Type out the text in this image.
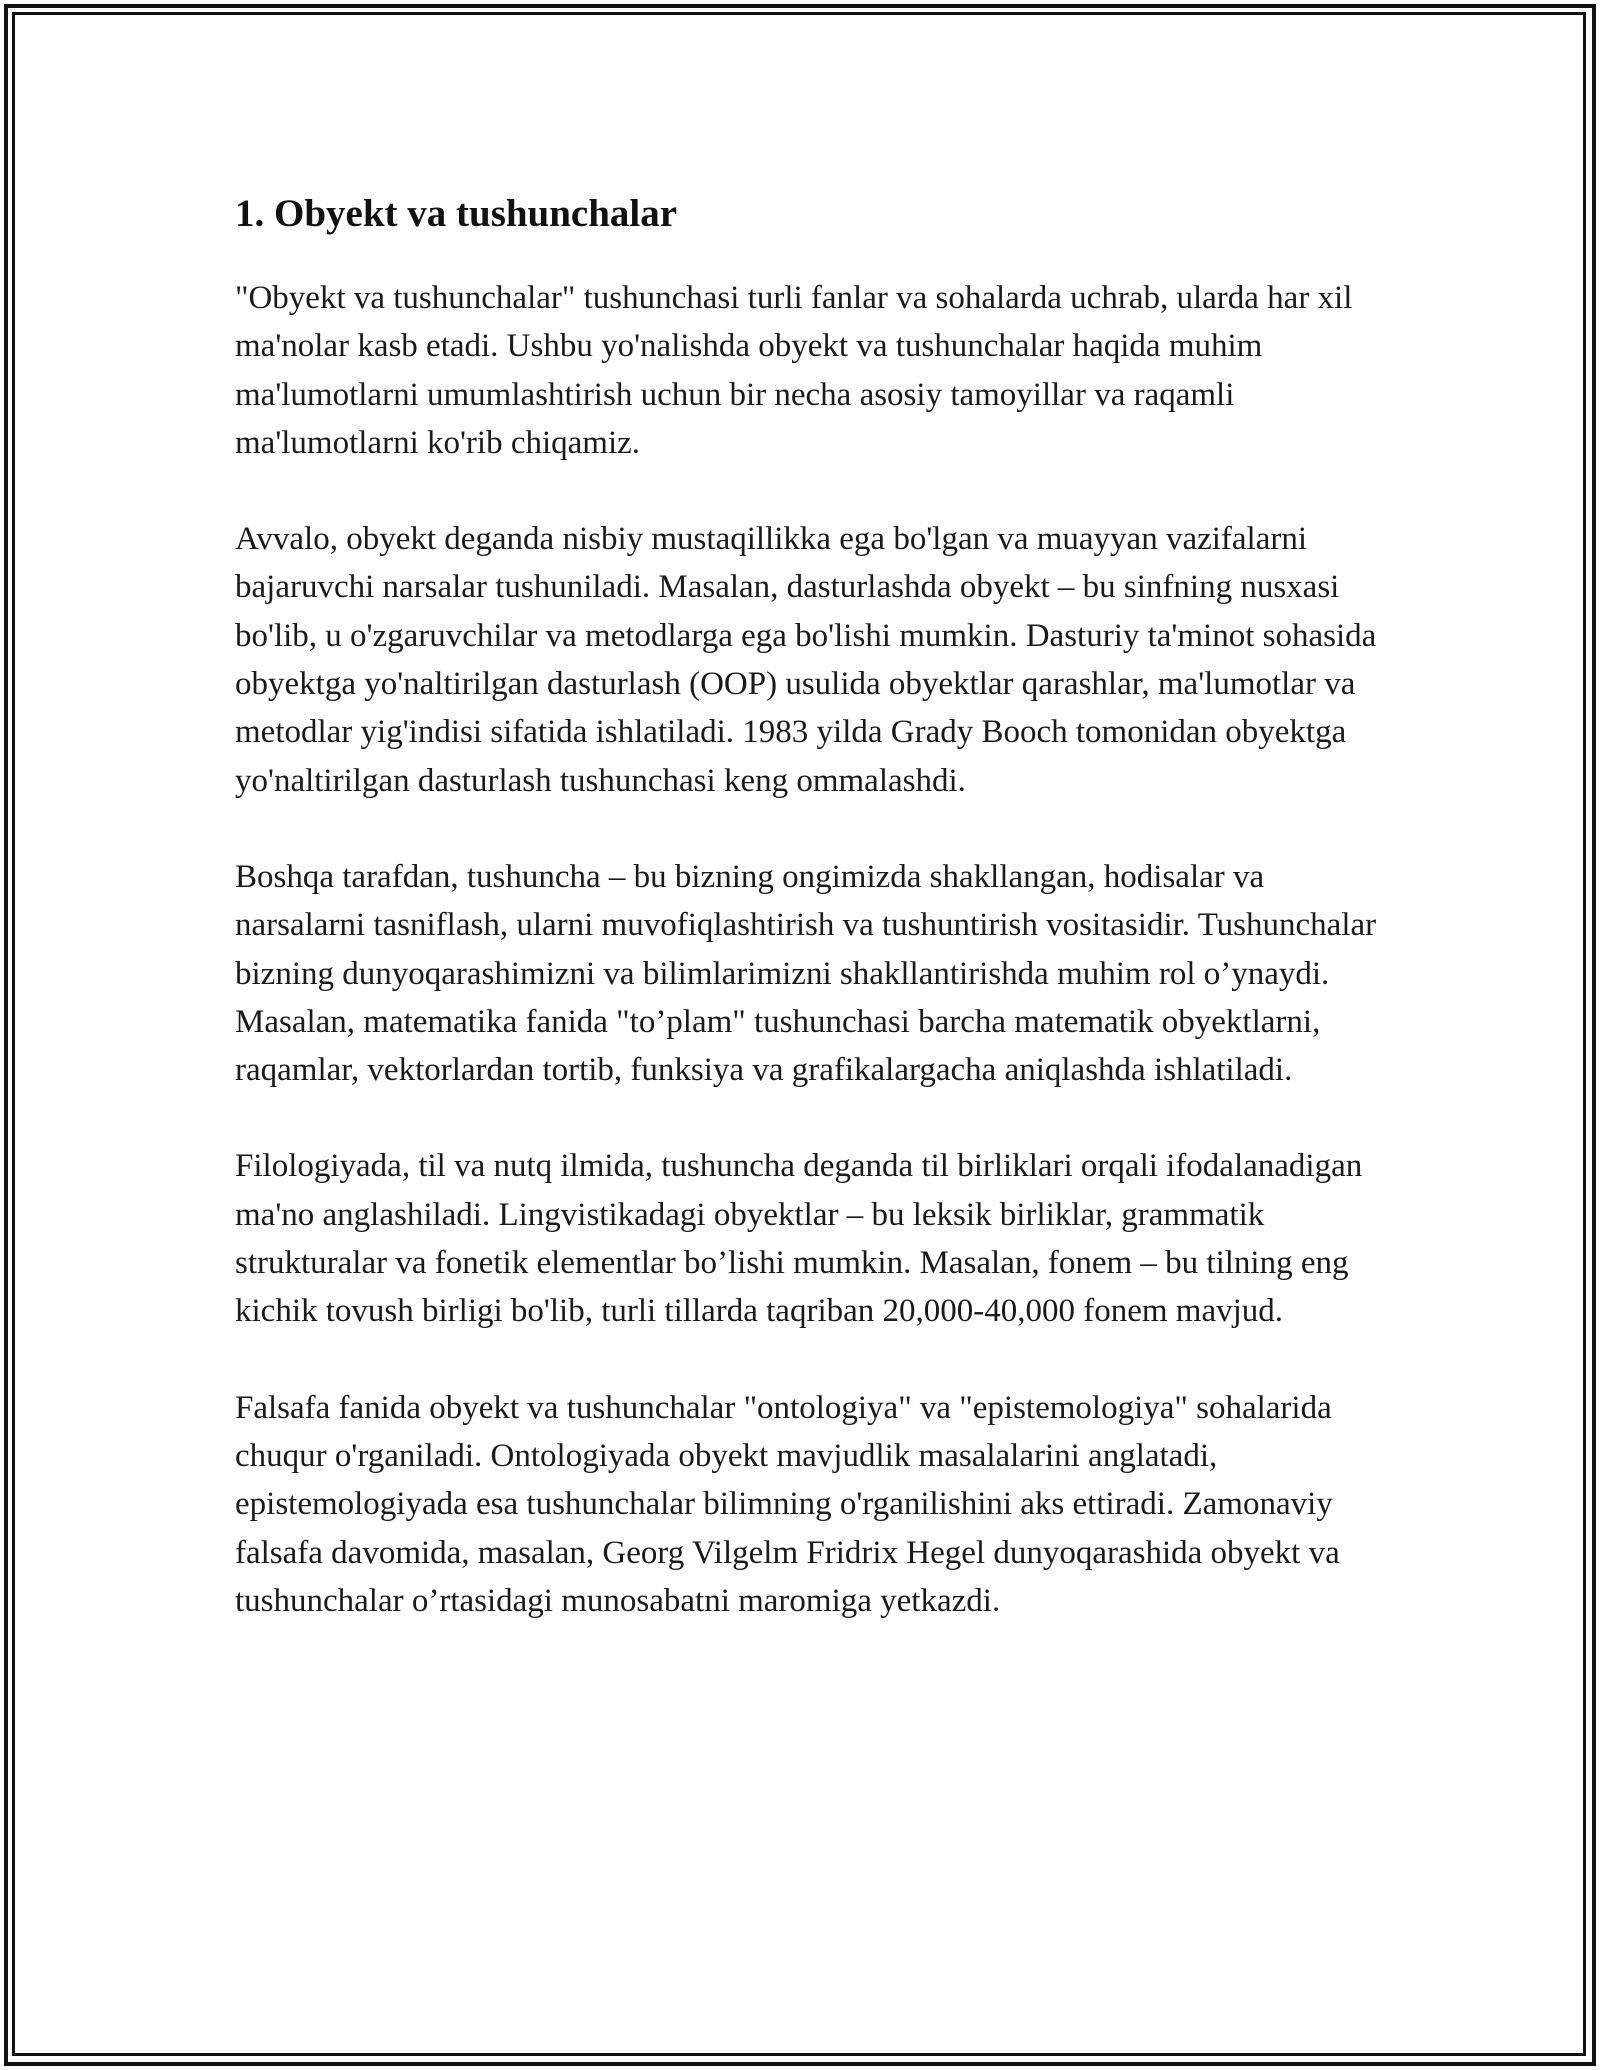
1. Obyekt va tushunchalar

"Obyekt va tushunchalar" tushunchasi turli fanlar va sohalarda uchrab, ularda har xil ma'nolar kasb etadi. Ushbu yo'nalishda obyekt va tushunchalar haqida muhim ma'lumotlarni umumlashtirish uchun bir necha asosiy tamoyillar va raqamli ma'lumotlarni ko'rib chiqamiz.

Avvalo, obyekt deganda nisbiy mustaqillikka ega bo'lgan va muayyan vazifalarni bajaruvchi narsalar tushuniladi. Masalan, dasturlashda obyekt – bu sinfning nusxasi bo'lib, u o'zgaruvchilar va metodlarga ega bo'lishi mumkin. Dasturiy ta'minot sohasida obyektga yo'naltirilgan dasturlash (OOP) usulida obyektlar qarashlar, ma'lumotlar va metodlar yig'indisi sifatida ishlatiladi. 1983 yilda Grady Booch tomonidan obyektga yo'naltirilgan dasturlash tushunchasi keng ommalashdi.

Boshqa tarafdan, tushuncha – bu bizning ongimizda shakllangan, hodisalar va narsalarni tasniflash, ularni muvofiqlashtirish va tushuntirish vositasidir. Tushunchalar bizning dunyoqarashimizni va bilimlarimizni shakllantirishda muhim rol o’ynaydi. Masalan, matematika fanida "to’plam" tushunchasi barcha matematik obyektlarni, raqamlar, vektorlardan tortib, funksiya va grafikalargacha aniqlashda ishlatiladi.

Filologiyada, til va nutq ilmida, tushuncha deganda til birliklari orqali ifodalanadigan ma'no anglashiladi. Lingvistikadagi obyektlar – bu leksik birliklar, grammatik strukturalar va fonetik elementlar bo’lishi mumkin. Masalan, fonem – bu tilning eng kichik tovush birligi bo'lib, turli tillarda taqriban 20,000-40,000 fonem mavjud.

Falsafa fanida obyekt va tushunchalar "ontologiya" va "epistemologiya" sohalarida chuqur o'rganiladi. Ontologiyada obyekt mavjudlik masalalarini anglatadi, epistemologiyada esa tushunchalar bilimning o'rganilishini aks ettiradi. Zamonaviy falsafa davomida, masalan, Georg Vilgelm Fridrix Hegel dunyoqarashida obyekt va tushunchalar o’rtasidagi munosabatni maromiga yetkazdi.
